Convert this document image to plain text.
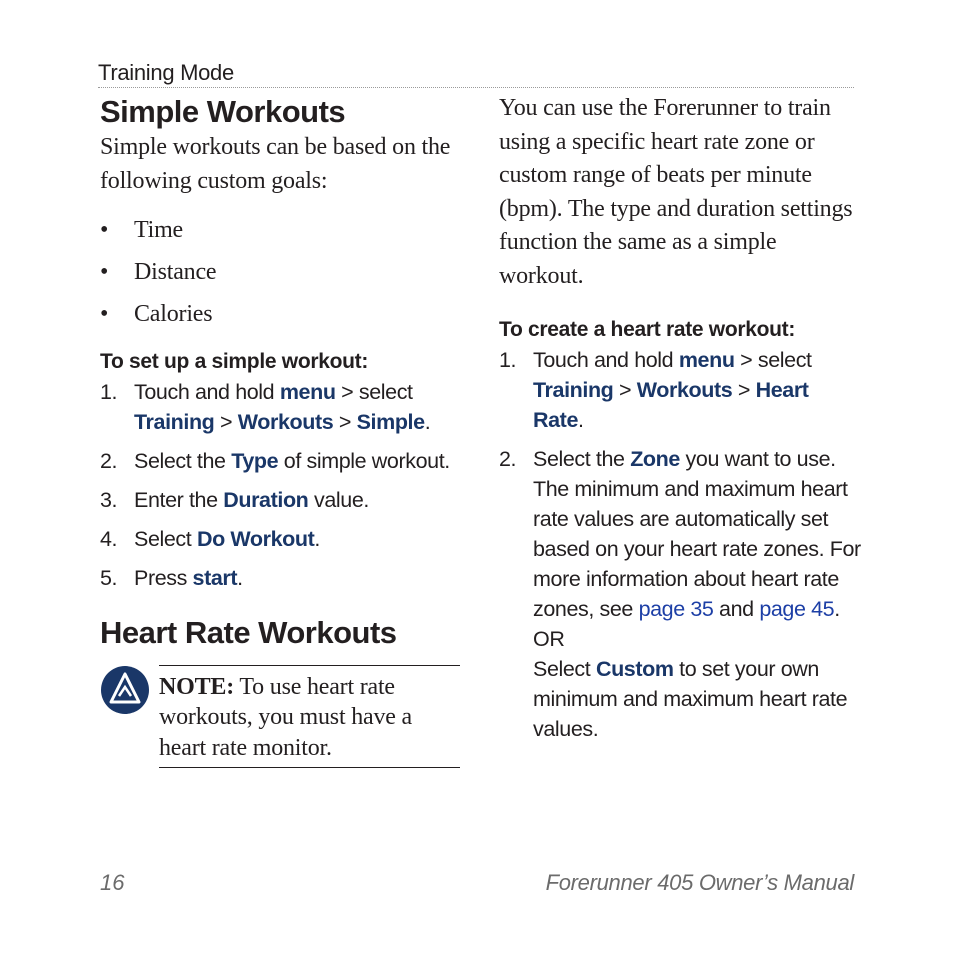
Training Mode
Simple Workouts

Simple workouts can be based on the following custom goals:

• Time
• Distance
• Calories
To set up a simple workout:
1. Touch and hold menu > select Training > Workouts > Simple.
2. Select the Type of simple workout.
3. Enter the Duration value.
4. Select Do Workout.
5. Press start.
Heart Rate Workouts

NOTE: To use heart rate workouts, you must have a heart rate monitor.

You can use the Forerunner to train using a specific heart rate zone or custom range of beats per minute (bpm). The type and duration settings function the same as a simple workout.

To create a heart rate workout:
1. Touch and hold menu > select Training > Workouts > Heart Rate.
2. Select the Zone you want to use. The minimum and maximum heart rate values are automatically set based on your heart rate zones. For more information about heart rate zones, see page 35 and page 45.
OR
Select Custom to set your own minimum and maximum heart rate values.
16	Forerunner 405 Owner’s Manual
